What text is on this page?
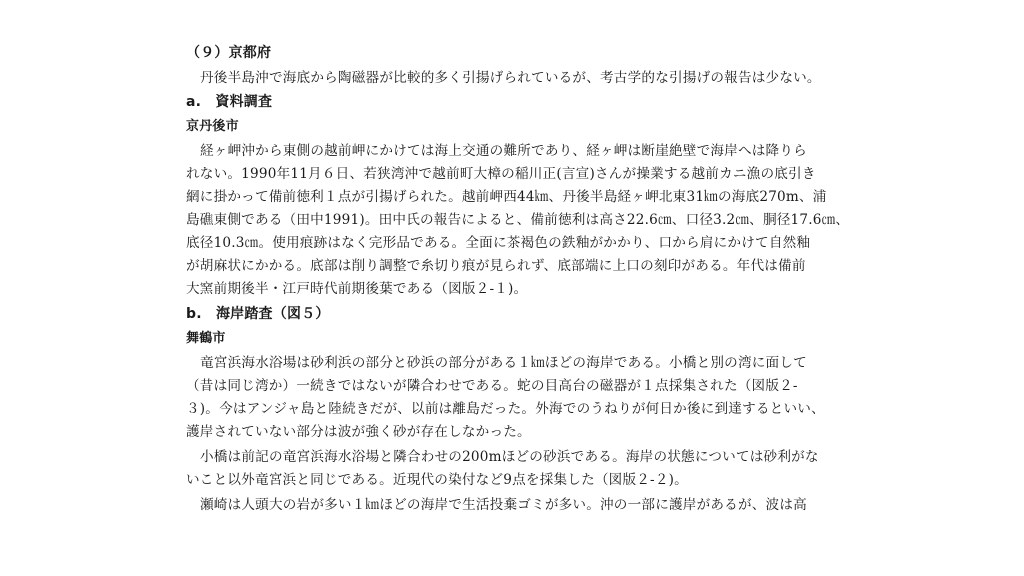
（９）京都府
丹後半島沖で海底から陶磁器が比較的多く引揚げられているが、考古学的な引揚げの報告は少ない。
a.　資料調査
京丹後市
経ヶ岬沖から東側の越前岬にかけては海上交通の難所であり、経ヶ岬は断崖絶壁で海岸へは降りら
れない。1990年11月６日、若狭湾沖で越前町大樟の稲川正(言宣)さんが操業する越前カニ漁の底引き
網に掛かって備前徳利１点が引揚げられた。越前岬西44㎞、丹後半島経ヶ岬北東31㎞の海底270m、浦
島礁東側である（田中1991)。田中氏の報告によると、備前徳利は高さ22.6㎝、口径3.2㎝、胴径17.6㎝、
底径10.3㎝。使用痕跡はなく完形品である。全面に茶褐色の鉄釉がかかり、口から肩にかけて自然釉
が胡麻状にかかる。底部は削り調整で糸切り痕が見られず、底部端に上口の刻印がある。年代は備前
大窯前期後半・江戸時代前期後葉である（図版２-１)。
b.　海岸踏査（図５）
舞鶴市
竜宮浜海水浴場は砂利浜の部分と砂浜の部分がある１㎞ほどの海岸である。小橋と別の湾に面して
（昔は同じ湾か）一続きではないが隣合わせである。蛇の目高台の磁器が１点採集された（図版２-
３)。今はアンジャ島と陸続きだが、以前は離島だった。外海でのうねりが何日か後に到達するといい、
護岸されていない部分は波が強く砂が存在しなかった。
小橋は前記の竜宮浜海水浴場と隣合わせの200mほどの砂浜である。海岸の状態については砂利がな
いこと以外竜宮浜と同じである。近現代の染付など9点を採集した（図版２-２)。
瀬崎は人頭大の岩が多い１㎞ほどの海岸で生活投棄ゴミが多い。沖の一部に護岸があるが、波は高
